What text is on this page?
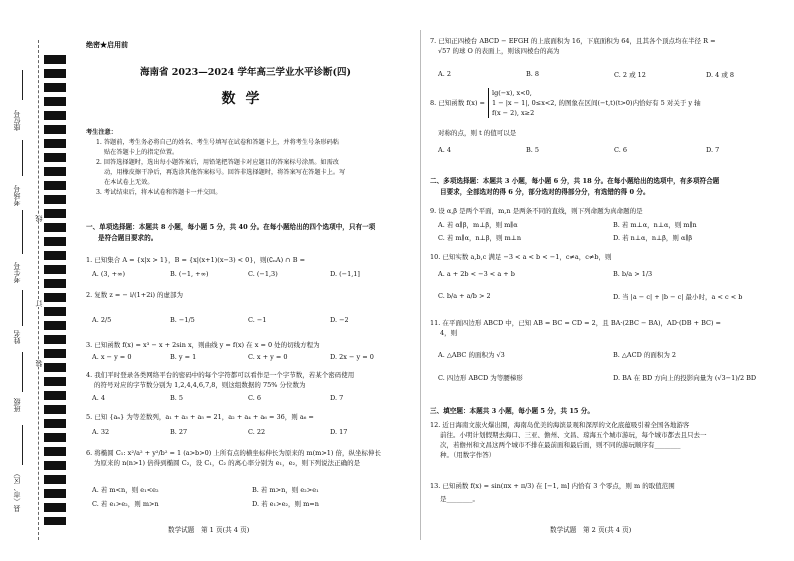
座位号
考场号
考生号
姓名
班级
县（市、区）
线
订
装
绝密★启用前
海南省 2023—2024 学年高三学业水平诊断(四)
数学
考生注意：
1. 答题前，考生务必将自己的姓名、考生号填写在试卷和答题卡上，并将考生号条形码粘
贴在答题卡上的指定位置。
2. 回答选择题时，选出每小题答案后，用铅笔把答题卡对应题目的答案标号涂黑。如需改
动，用橡皮擦干净后，再选涂其他答案标号。回答非选择题时，将答案写在答题卡上。写
在本试卷上无效。
3. 考试结束后，将本试卷和答题卡一并交回。
一、单项选择题：本题共 8 小题，每小题 5 分，共 40 分。在每小题给出的四个选项中，只有一项
是符合题目要求的。
1. 已知集合 A = {x|x > 1}，B = {x|(x+1)(x−3) < 0}，则(∁ₙA) ∩ B =
A. (3, +∞)	B. (−1, +∞)	C. (−1,3)	D. (−1,1]
2. 复数 z = − i/(1+2i) 的虚部为
A. 2/5	B. −1/5	C. −1	D. −2
3. 已知函数 f(x) = x³ − x + 2sin x，则曲线 y = f(x) 在 x = 0 处的切线方程为
A. x − y = 0	B. y = 1	C. x + y = 0	D. 2x − y = 0
4. 我们平时登录各类网络平台的密码中的每个字符都可以看作是一个字节数，若某个密码使用
的符号对应的字节数分别为 1,2,4,4,6,7,8，则这组数据的 75% 分位数为
A. 4	B. 5	C. 6	D. 7
5. 已知 {aₙ} 为等差数列，a₁ + a₃ + a₅ = 21，a₂ + a₄ + a₆ = 36，则 a₆ =
A. 32	B. 27	C. 22	D. 17
6. 将椭圆 C₁: x²/a² + y²/b² = 1 (a>b>0) 上所有点的横坐标伸长为原来的 m(m>1) 倍，纵坐标伸长
为原来的 n(n>1) 倍得到椭圆 C₂，设 C₁，C₂ 的离心率分别为 e₁，e₂，则下列说法正确的是
A. 若 m<n，则 e₁<e₂	B. 若 m>n，则 e₂>e₁
C. 若 e₁>e₂，则 m>n	D. 若 e₁>e₂，则 m=n
数学试题　第 1 页(共 4 页)
7. 已知正四棱台 ABCD − EFGH 的上底面积为 16，下底面积为 64，且其各个顶点均在半径 R =
√57 的球 O 的表面上，则该四棱台的高为
A. 2	B. 8	C. 2 或 12	D. 4 或 8
8. 已知函数 f(x) =
lg(−x), x<0,
1 − |x − 1|, 0≤x<2,
f(x − 2), x≥2
的图象在区间(−t,t)(t>0)内恰好有 5 对关于 y 轴
对称的点，则 t 的值可以是
A. 4	B. 5	C. 6	D. 7
二、多项选择题：本题共 3 小题，每小题 6 分，共 18 分。在每小题给出的选项中，有多项符合题
目要求，全部选对的得 6 分，部分选对的得部分分，有选错的得 0 分。
9. 设 α,β 是两个平面，m,n 是两条不同的直线，则下列命题为真命题的是
A. 若 α∥β，m⊥β，则 m∥α	B. 若 m⊥α，n⊥α，则 m∥n
C. 若 m∥α，n⊥β，则 m⊥n	D. 若 n⊥α，n⊥β，则 α∥β
10. 已知实数 a,b,c 满足 −3 < a < b < −1，c≠a，c≠b，则
A. a + 2b < −3 < a + b	B. b/a > 1/3
C. b/a + a/b > 2	D. 当 |a − c| + |b − c| 最小时，a < c < b
11. 在平面四边形 ABCD 中，已知 AB = BC = CD = 2，且 BA·(2BC − BA)，AD·(DB + BC) =
4，则
A. △ABC 的面积为 √3	B. △ACD 的面积为 2
C. 四边形 ABCD 为等腰梯形	D. BA 在 BD 方向上的投影向量为 (√3−1)/2 BD
三、填空题：本题共 3 小题，每小题 5 分，共 15 分。
12. 近日海南文旅火爆出圈，海南岛优美的海滨景观和深厚的文化底蕴吸引着全国各地游客
前往。小明计划假期去海口、三亚、儋州、文昌、琼海五个城市游玩，每个城市都去且只去一
次，若儋州和文昌这两个城市不排在最前面和最后面，则不同的游玩顺序有________
种。（用数字作答）
13. 已知函数 f(x) = sin(πx + π/3) 在 [−1, m] 内恰有 3 个零点，则 m 的取值范围
是________。
数学试题　第 2 页(共 4 页)
